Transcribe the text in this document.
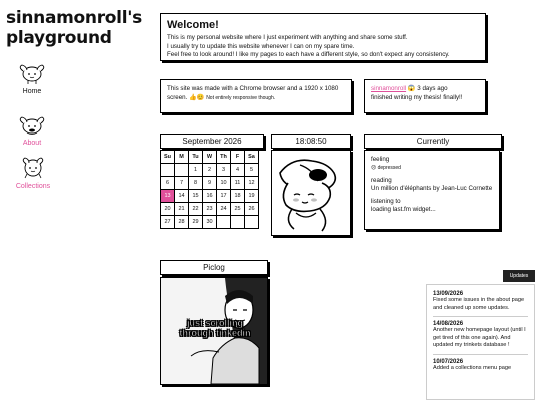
sinnamonroll's playground
Home
About
Collections
Welcome!
This is my personal website where I just experiment with anything and share some stuff.
I usually try to update this website whenever I can on my spare time.
Feel free to look around! I like my pages to each have a different style, so don't expect any consistency.
This site was made with a Chrome browser and a 1920 x 1080 screen. 👍😊 Not entirely responsive though.
sinnamonroll 😱 3 days ago
finished writing my thesis! finally!!
September 2026
Su	M	Tu	W	Th	F	Sa
		1	2	3	4	5
6	7	8	9	10	11	12
13	14	15	16	17	18	19
20	21	22	23	24	25	26
27	28	29	30			
18:08:50	Currently
feeling
☹ depressed
reading
Un million d'éléphants by Jean-Luc Cornette
listening to
loading last.fm widget...
Piclog
just scrolling through tinkedin
Updates
13/09/2026
Fixed some issues in the about page and cleaned up some updates.
14/08/2026
Another new homepage layout (until I get tired of this one again). And updated my trinkets database !
10/07/2026
Added a collections menu page
